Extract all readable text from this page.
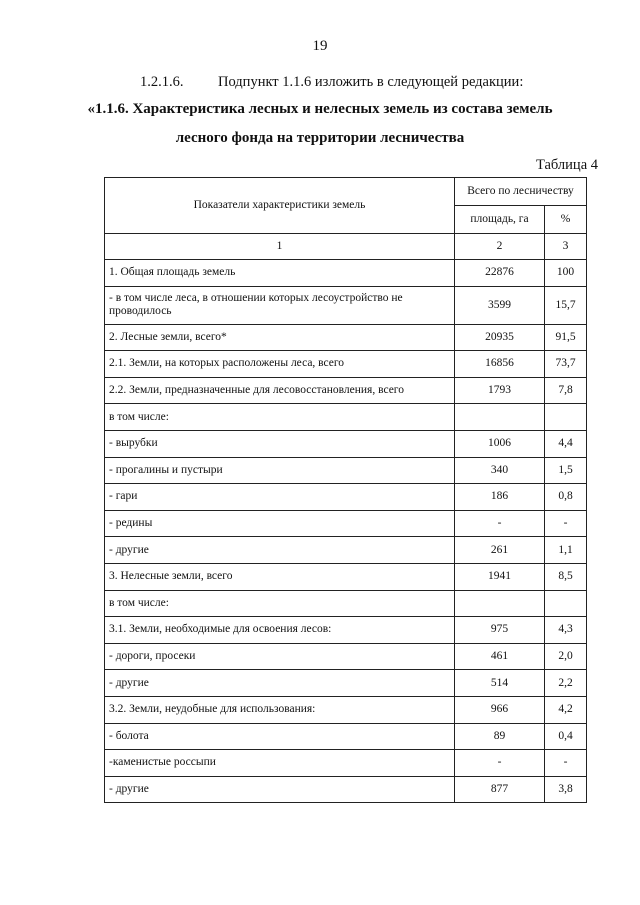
19
1.2.1.6. Подпункт 1.1.6 изложить в следующей редакции:
«1.1.6. Характеристика лесных и нелесных земель из состава земель
лесного фонда на территории лесничества
Таблица 4
Показатели характеристики земель	Всего по лесничеству	
	площадь, га	%
1	2	3
1. Общая площадь земель	22876	100
- в том числе леса, в отношении которых лесоустройство не проводилось	3599	15,7
2. Лесные земли, всего*	20935	91,5
2.1. Земли, на которых расположены леса, всего	16856	73,7
2.2. Земли, предназначенные для лесовосстановления, всего	1793	7,8
в том числе:		
- вырубки	1006	4,4
- прогалины и пустыри	340	1,5
- гари	186	0,8
- редины	-	-
- другие	261	1,1
3. Нелесные земли, всего	1941	8,5
в том числе:		
3.1. Земли, необходимые для освоения лесов:	975	4,3
- дороги, просеки	461	2,0
- другие	514	2,2
3.2. Земли, неудобные для использования:	966	4,2
- болота	89	0,4
-каменистые россыпи	-	-
- другие	877	3,8
